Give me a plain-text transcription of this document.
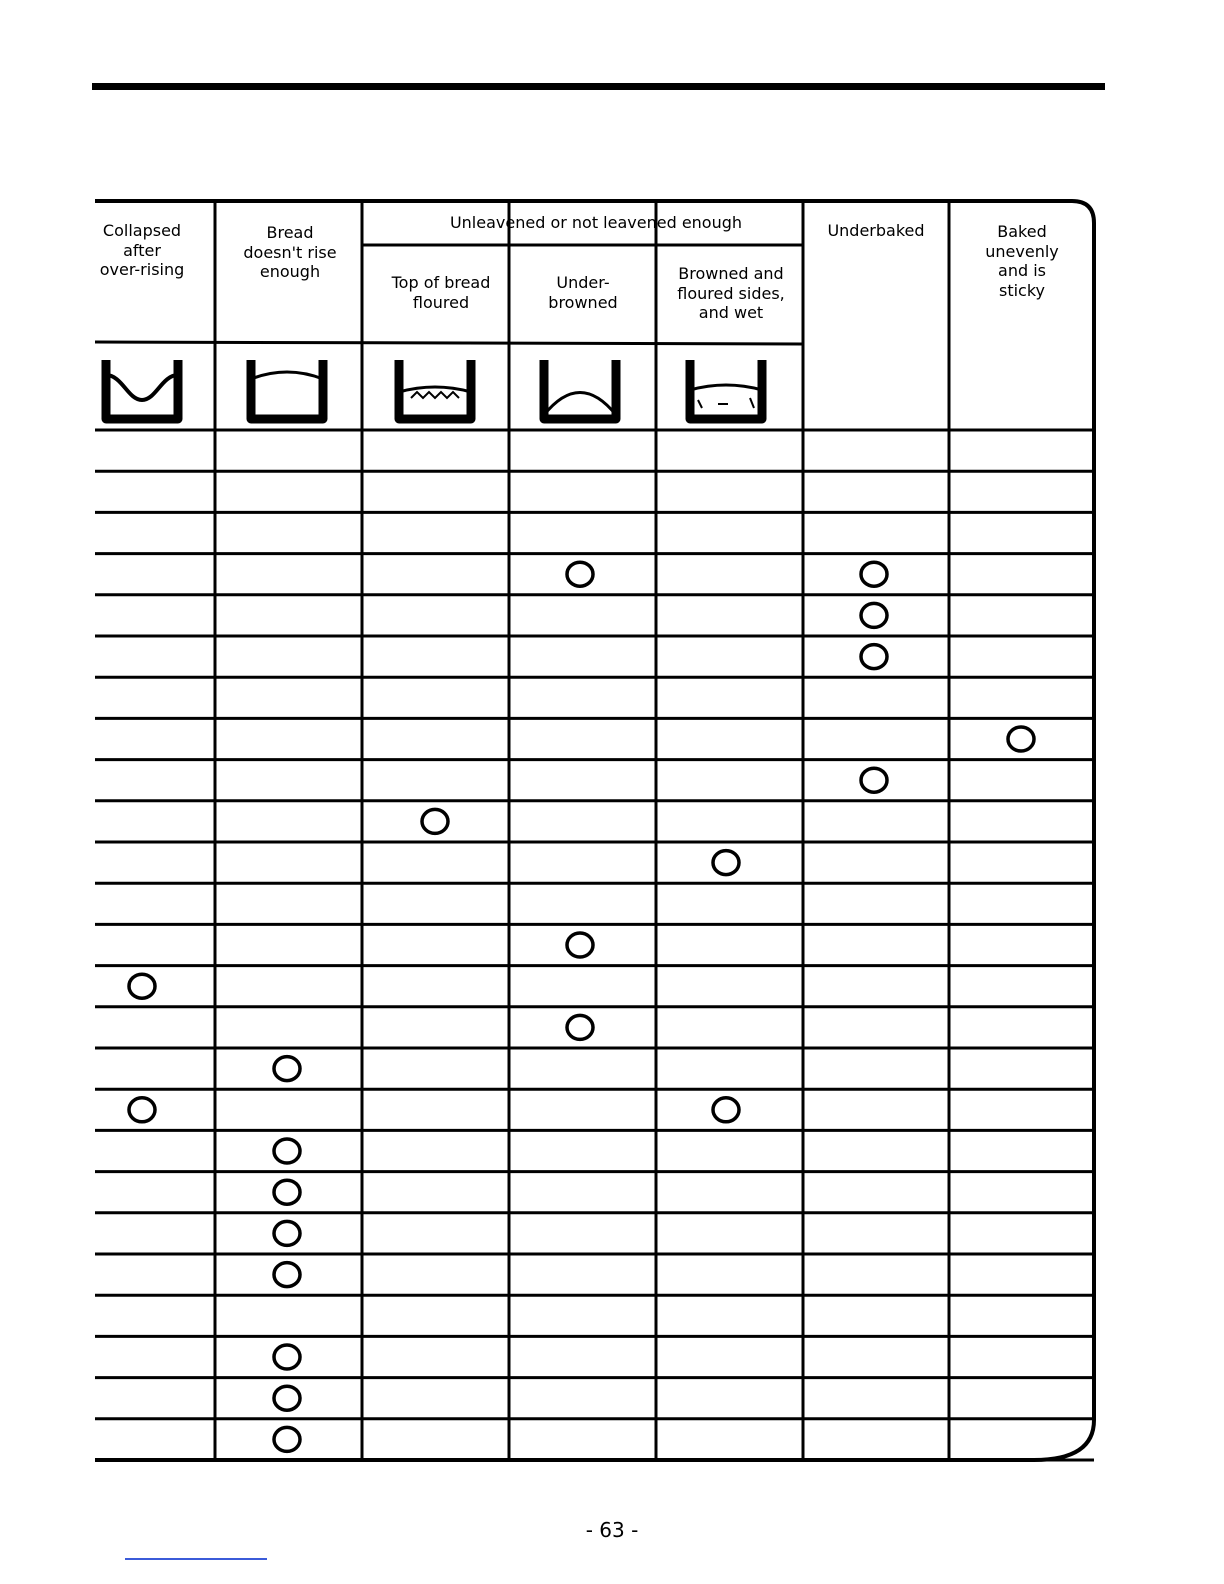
Collapsed
after
over-rising
Bread
doesn't rise
enough
Unleavened or not leavened enough
Top of bread
floured
Under-
browned
Browned and
floured sides,
and wet
Underbaked	Baked
unevenly
and is
sticky
- 63 -
